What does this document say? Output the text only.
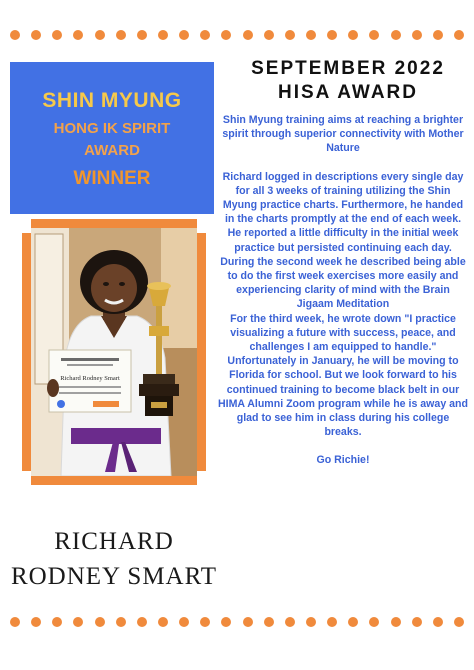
SHIN MYUNG
HONG IK SPIRIT
AWARD
WINNER
Richard Rodney Smart
RICHARD
RODNEY SMART
SEPTEMBER 2022
HISA AWARD

Shin Myung training aims at reaching a brighter spirit through superior connectivity with Mother Nature

Richard logged in descriptions every single day for all 3 weeks of training utilizing the Shin Myung practice charts. Furthermore, he handed in the charts promptly at the end of each week.

He reported a little difficulty in the initial week practice but persisted continuing each day. During the second week he described being able to do the first week exercises more easily and experiencing clarity of mind with the Brain Jigaam Meditation

For the third week, he wrote down "I practice visualizing a future with success, peace, and challenges I am equipped to handle."

Unfortunately in January, he will be moving to Florida for school. But we look forward to his continued training to become black belt in our HIMA Alumni Zoom program while he is away and glad to see him in class during his college breaks.

Go Richie!
